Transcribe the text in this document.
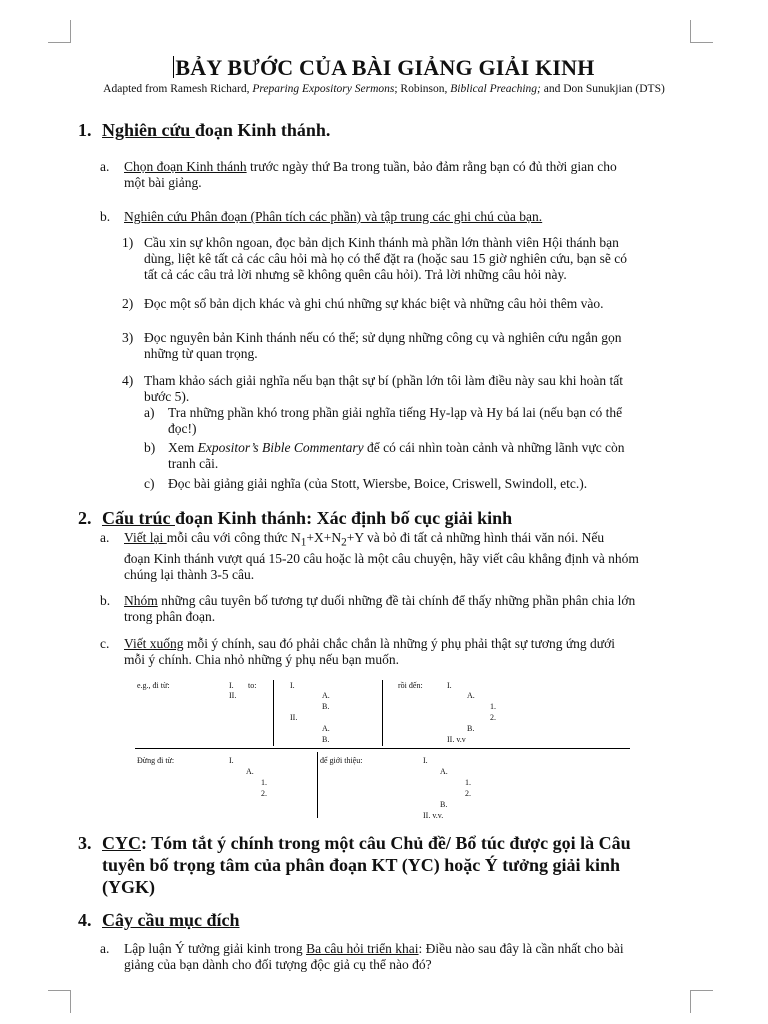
BẢY BƯỚC CỦA BÀI GIẢNG GIẢI KINH
Adapted from Ramesh Richard, Preparing Expository Sermons; Robinson, Biblical Preaching; and Don Sunukjian (DTS)
1. Nghiên cứu đoạn Kinh thánh.
a. Chọn đoạn Kinh thánh trước ngày thứ Ba trong tuần, bảo đảm rằng bạn có đủ thời gian cho
một bài giảng.
b. Nghiên cứu Phân đoạn (Phân tích các phần) và tập trung các ghi chú của bạn.
1) Cầu xin sự khôn ngoan, đọc bản dịch Kinh thánh mà phần lớn thành viên Hội thánh bạn
dùng, liệt kê tất cả các câu hỏi mà họ có thể đặt ra (hoặc sau 15 giờ nghiên cứu, bạn sẽ có
tất cả các câu trả lời nhưng sẽ không quên câu hỏi). Trả lời những câu hỏi này.
2) Đọc một số bản dịch khác và ghi chú những sự khác biệt và những câu hỏi thêm vào.
3) Đọc nguyên bản Kinh thánh nếu có thể; sử dụng những công cụ và nghiên cứu ngắn gọn
những từ quan trọng.
4) Tham khảo sách giải nghĩa nếu bạn thật sự bí (phần lớn tôi làm điều này sau khi hoàn tất
bước 5).
a) Tra những phần khó trong phần giải nghĩa tiếng Hy-lạp và Hy bá lai (nếu bạn có thể
đọc!)
b) Xem Expositor’s Bible Commentary để có cái nhìn toàn cảnh và những lãnh vực còn
tranh cãi.
c) Đọc bài giảng giải nghĩa (của Stott, Wiersbe, Boice, Criswell, Swindoll, etc.).
2. Cấu trúc đoạn Kinh thánh: Xác định bố cục giải kinh
a. Viết lại mỗi câu với công thức $N_1+X+N_2+Y$ và bỏ đi tất cả những hình thái văn nói. Nếu
đoạn Kinh thánh vượt quá 15-20 câu hoặc là một câu chuyện, hãy viết câu khẳng định và nhóm
chúng lại thành 3-5 câu.
b. Nhóm những câu tuyên bố tương tự duối những đề tài chính để thấy những phần phân chia lớn
trong phân đoạn.
c. Viết xuống mỗi ý chính, sau đó phải chắc chắn là những ý phụ phải thật sự tương ứng dưới
mỗi ý chính. Chia nhỏ những ý phụ nếu bạn muốn.
e.g., đi từ:	I. to:
II.
I.
A.
B.
II.
A.
B.
rồi đến:	I.
A.
1.
2.
B.
II. v.v
Đừng đi từ:	I.
A.
1.
2.
để giới thiệu:	I.
A.
1.
2.
B.
II. v.v.
3. CYC: Tóm tắt ý chính trong một câu Chủ đề/ Bổ túc được gọi là Câu
tuyên bố trọng tâm của phân đoạn KT (YC) hoặc Ý tưởng giải kinh
(YGK)
4. Cây cầu mục đích
a. Lập luận Ý tưởng giải kinh trong Ba câu hỏi triển khai: Điều nào sau đây là cần nhất cho bài
giảng của bạn dành cho đối tượng độc giả cụ thể nào đó?
